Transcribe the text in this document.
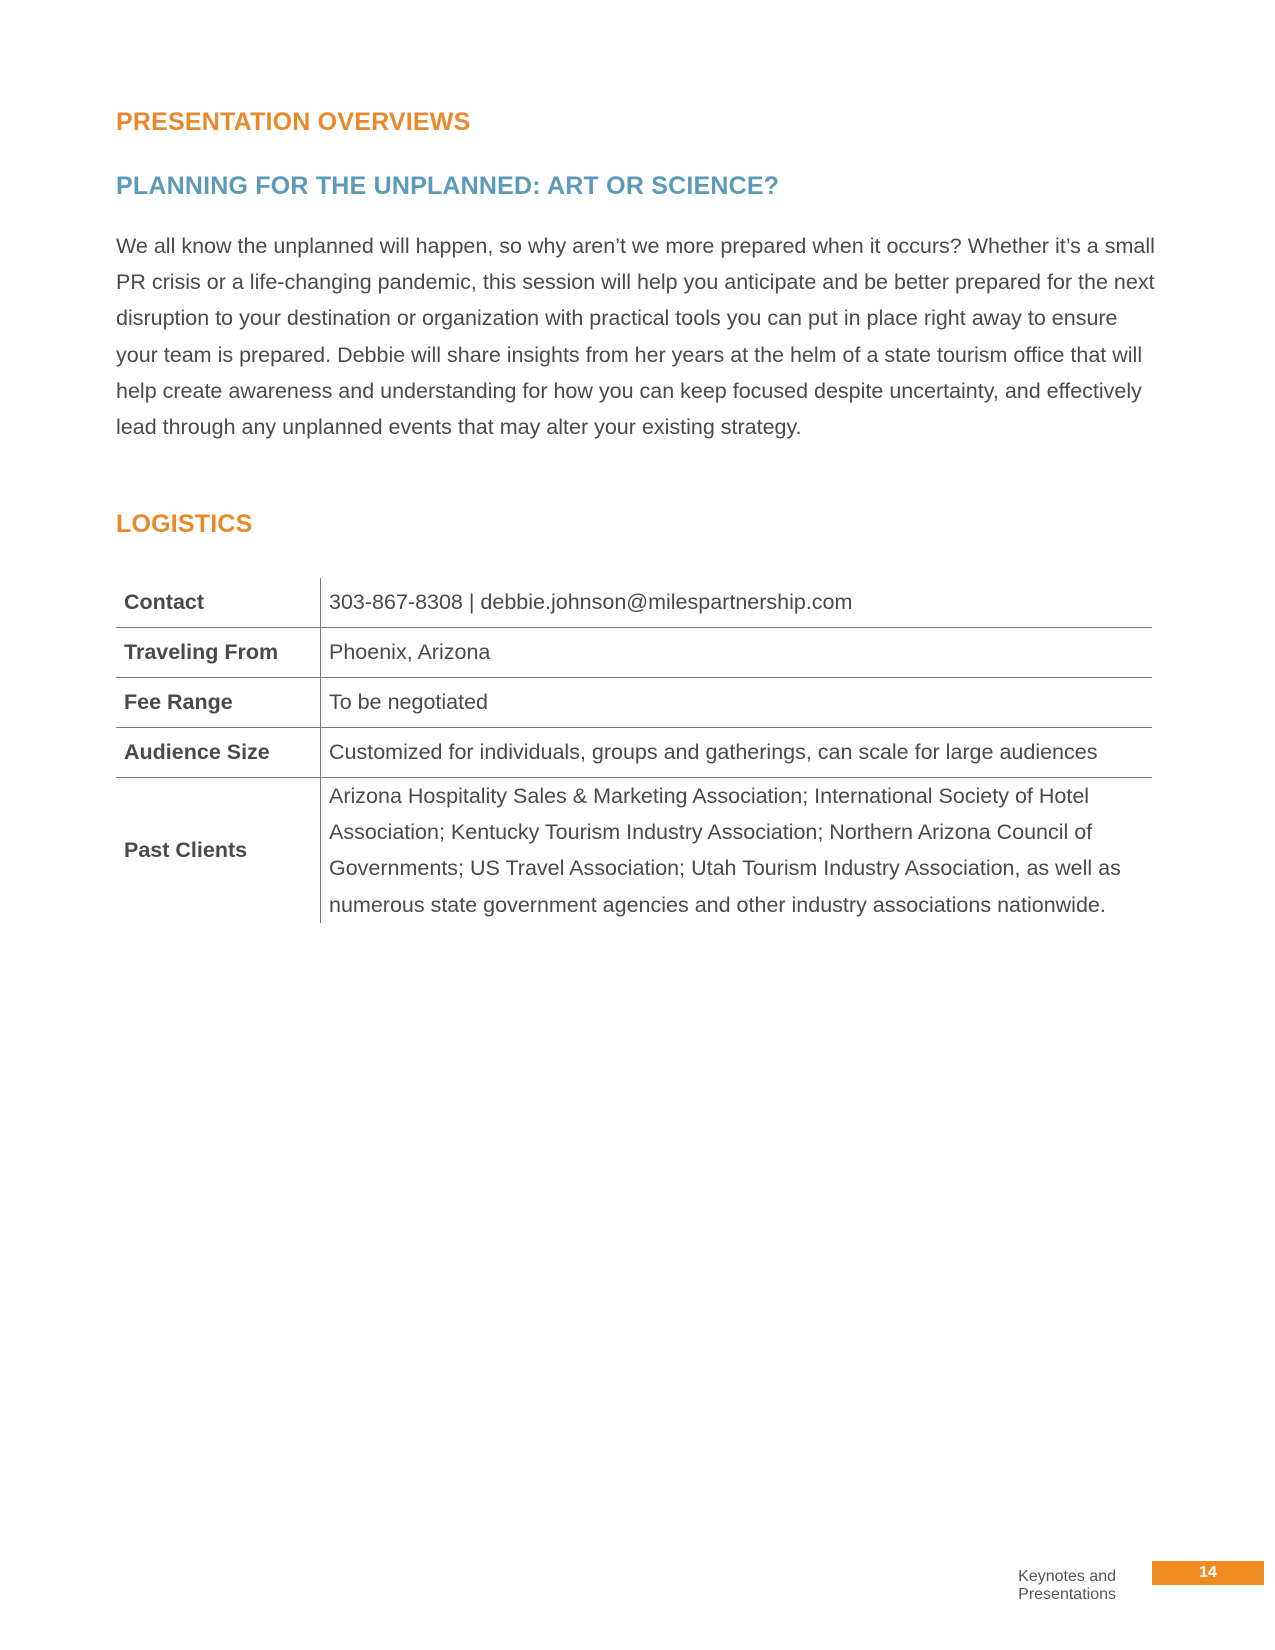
PRESENTATION OVERVIEWS
PLANNING FOR THE UNPLANNED: ART OR SCIENCE?

We all know the unplanned will happen, so why aren’t we more prepared when it occurs? Whether it’s a small PR crisis or a life-changing pandemic, this session will help you anticipate and be better prepared for the next disruption to your destination or organization with practical tools you can put in place right away to ensure your team is prepared. Debbie will share insights from her years at the helm of a state tourism office that will help create awareness and understanding for how you can keep focused despite uncertainty, and effectively lead through any unplanned events that may alter your existing strategy.

LOGISTICS
Contact	303-867-8308 | debbie.johnson@milespartnership.com
Traveling From	Phoenix, Arizona
Fee Range	To be negotiated
Audience Size	Customized for individuals, groups and gatherings, can scale for large audiences
Past Clients	Arizona Hospitality Sales & Marketing Association; International Society of Hotel Association; Kentucky Tourism Industry Association; Northern Arizona Council of Governments; US Travel Association; Utah Tourism Industry Association, as well as numerous state government agencies and other industry associations nationwide.
Keynotes and Presentations
14
